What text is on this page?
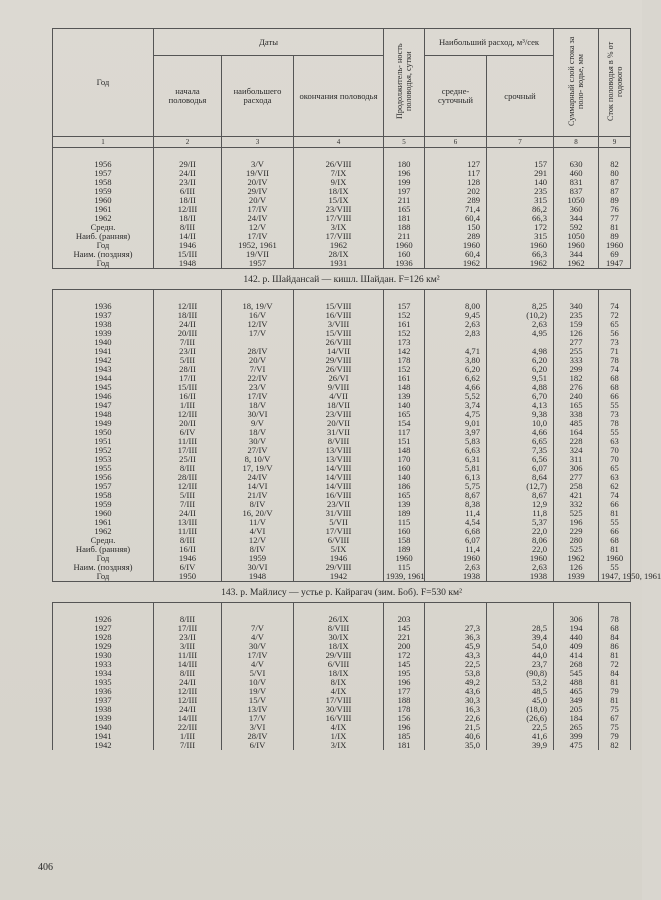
Год	Даты			Продолжитель- ность половодья, сутки	Наибольший расход, м³/сек		Суммарный слой стока за поло- водье, мм	Сток половодья в % от годового
	начала половодья	наибольшего расхода	окончания половодья		средне- суточный	срочный		
1	2	3	4	5	6	7	8	9

1956	29/II	3/V	26/VIII	180	127	157	630	82
1957	24/II	19/VII	7/IX	196	117	291	460	80
1958	23/II	20/IV	9/IX	199	128	140	831	87
1959	6/III	29/IV	18/IX	197	202	235	837	87
1960	18/II	20/V	15/IX	211	289	315	1050	89
1961	12/III	17/IV	23/VIII	165	71,4	86,2	360	76
1962	18/II	24/IV	17/VIII	181	60,4	66,3	344	77
Средн.	8/III	12/V	3/IX	188	150	172	592	81
Наиб. (ранняя)	14/II	17/IV	17/VIII	211	289	315	1050	89
Год	1946	1952, 1961	1962	1960	1960	1960	1960	1960
Наим. (поздняя)	15/III	19/VII	28/IX	160	60,4	66,3	344	69
Год	1948	1957	1931	1936	1962	1962	1962	1947
142. р. Шайдансай — кишл. Шайдан. F=126 км²								

1936	12/III	18, 19/V	15/VIII	157	8,00	8,25	340	74
1937	18/III	16/V	16/VIII	152	9,45	(10,2)	235	72
1938	24/II	12/IV	3/VIII	161	2,63	2,63	159	65
1939	20/III	17/V	15/VIII	152	2,83	4,95	126	56
1940	7/III		26/VIII	173			277	73
1941	23/II	28/IV	14/VII	142	4,71	4,98	255	71
1942	5/III	20/V	29/VIII	178	3,80	6,20	333	78
1943	28/II	7/VI	26/VIII	152	6,20	6,20	299	74
1944	17/II	22/IV	26/VI	161	6,62	9,51	182	68
1945	15/III	23/V	9/VIII	148	4,66	4,88	276	68
1946	16/II	17/IV	4/VII	139	5,52	6,70	240	66
1947	1/III	18/V	18/VII	140	3,74	4,13	165	55
1948	12/III	30/VI	23/VIII	165	4,75	9,38	338	73
1949	20/II	9/V	20/VII	154	9,01	10,0	485	78
1950	6/IV	18/V	31/VII	117	3,97	4,66	164	55
1951	11/III	30/V	8/VIII	151	5,83	6,65	228	63
1952	17/III	27/IV	13/VIII	148	6,63	7,35	324	70
1953	25/II	8, 10/V	13/VIII	170	6,31	6,56	311	70
1955	8/III	17, 19/V	14/VIII	160	5,81	6,07	306	65
1956	28/III	24/IV	14/VIII	140	6,13	8,64	277	63
1957	12/III	14/VI	14/VIII	186	5,75	(12,7)	258	62
1958	5/III	21/IV	16/VIII	165	8,67	8,67	421	74
1959	7/III	8/IV	23/VII	139	8,38	12,9	332	66
1960	24/II	16, 20/V	31/VIII	189	11,4	11,8	525	81
1961	13/III	11/V	5/VII	115	4,54	5,37	196	55
1962	11/III	4/VI	17/VIII	160	6,68	22,0	229	66
Средн.	8/III	12/V	6/VIII	158	6,07	8,06	280	68
Наиб. (ранняя)	16/II	8/IV	5/IX	189	11,4	22,0	525	81
Год	1946	1959	1946	1960	1960	1960	1962	1960
Наим. (поздняя)	6/IV	30/VI	29/VIII	115	2,63	2,63	126	55
Год	1950	1948	1942	1939, 1961	1938	1938	1939	1947, 1950, 1961
143. р. Майлису — устье р. Кайрагач (зим. Боб). F=530 км²								

1926	8/III		26/IX	203			306	78
1927	17/III	7/V	8/VIII	145	27,3	28,5	194	68
1928	23/II	4/V	30/IX	221	36,3	39,4	440	84
1929	3/III	30/V	18/IX	200	45,9	54,0	409	86
1930	11/III	17/IV	29/VIII	172	43,3	44,0	414	81
1933	14/III	4/V	6/VIII	145	22,5	23,7	268	72
1934	8/III	5/VI	18/IX	195	53,8	(90,8)	545	84
1935	24/II	10/V	8/IX	196	49,2	53,2	488	81
1936	12/III	19/V	4/IX	177	43,6	48,5	465	79
1937	12/III	15/V	17/VIII	188	30,3	45,0	349	81
1938	24/II	13/IV	30/VIII	178	16,3	(18,0)	205	75
1939	14/III	17/V	16/VIII	156	22,6	(26,6)	184	67
1940	22/III	3/VI	4/IX	196	21,5	22,5	265	75
1941	1/III	28/IV	1/IX	185	40,6	41,6	399	79
1942	7/III	6/IV	3/IX	181	35,0	39,9	475	82
406
